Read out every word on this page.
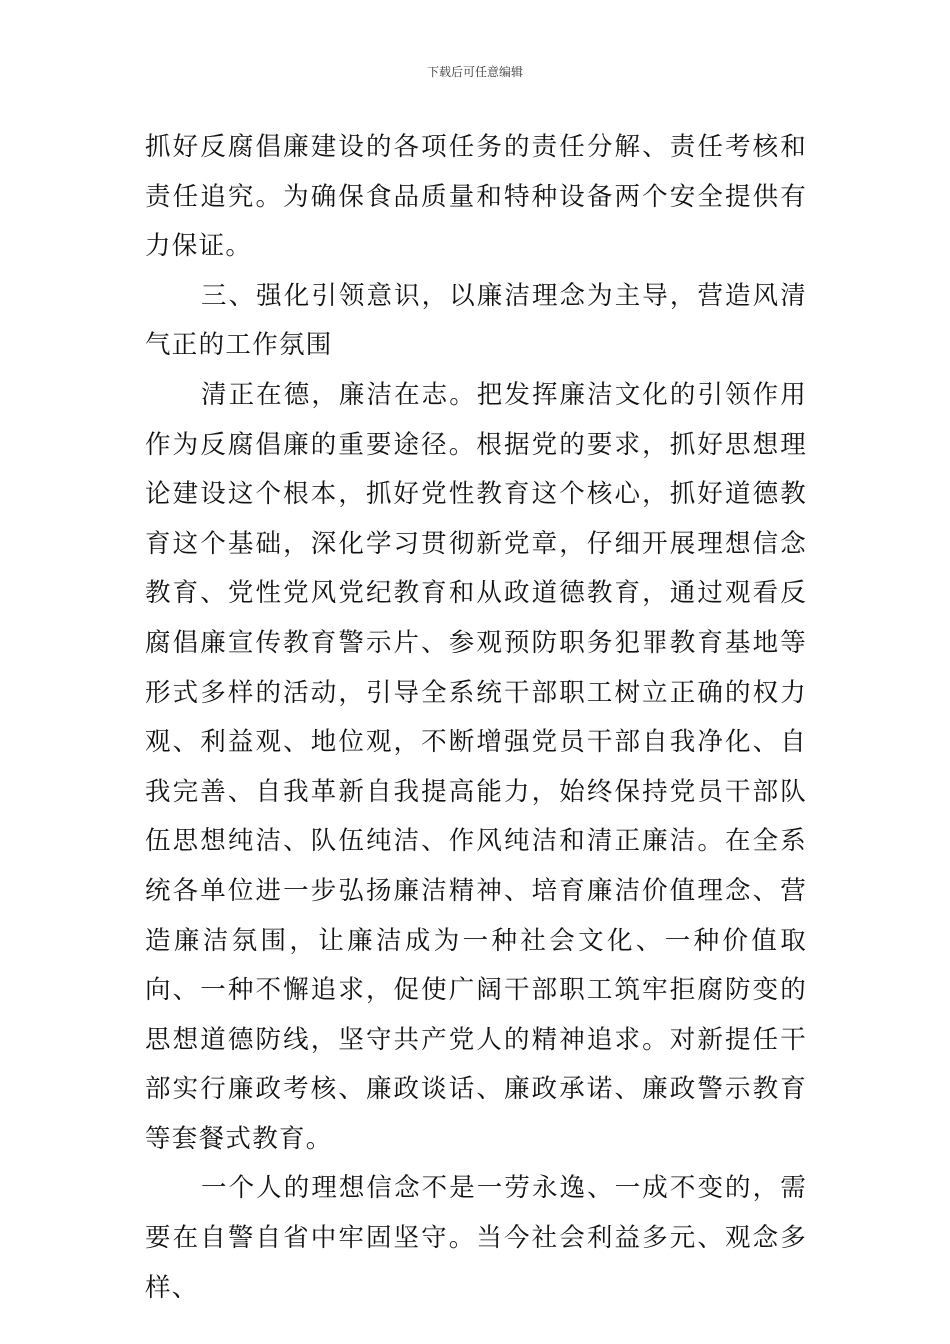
下载后可任意编辑

抓好反腐倡廉建设的各项任务的责任分解、责任考核和责任追究。为确保食品质量和特种设备两个安全提供有力保证。

三、强化引领意识，以廉洁理念为主导，营造风清气正的工作氛围

清正在德，廉洁在志。把发挥廉洁文化的引领作用作为反腐倡廉的重要途径。根据党的要求，抓好思想理论建设这个根本，抓好党性教育这个核心，抓好道德教育这个基础，深化学习贯彻新党章，仔细开展理想信念教育、党性党风党纪教育和从政道德教育，通过观看反腐倡廉宣传教育警示片、参观预防职务犯罪教育基地等形式多样的活动，引导全系统干部职工树立正确的权力观、利益观、地位观，不断增强党员干部自我净化、自我完善、自我革新自我提高能力，始终保持党员干部队伍思想纯洁、队伍纯洁、作风纯洁和清正廉洁。在全系统各单位进一步弘扬廉洁精神、培育廉洁价值理念、营造廉洁氛围，让廉洁成为一种社会文化、一种价值取向、一种不懈追求，促使广阔干部职工筑牢拒腐防变的思想道德防线，坚守共产党人的精神追求。对新提任干部实行廉政考核、廉政谈话、廉政承诺、廉政警示教育等套餐式教育。

一个人的理想信念不是一劳永逸、一成不变的，需要在自警自省中牢固坚守。当今社会利益多元、观念多样、
